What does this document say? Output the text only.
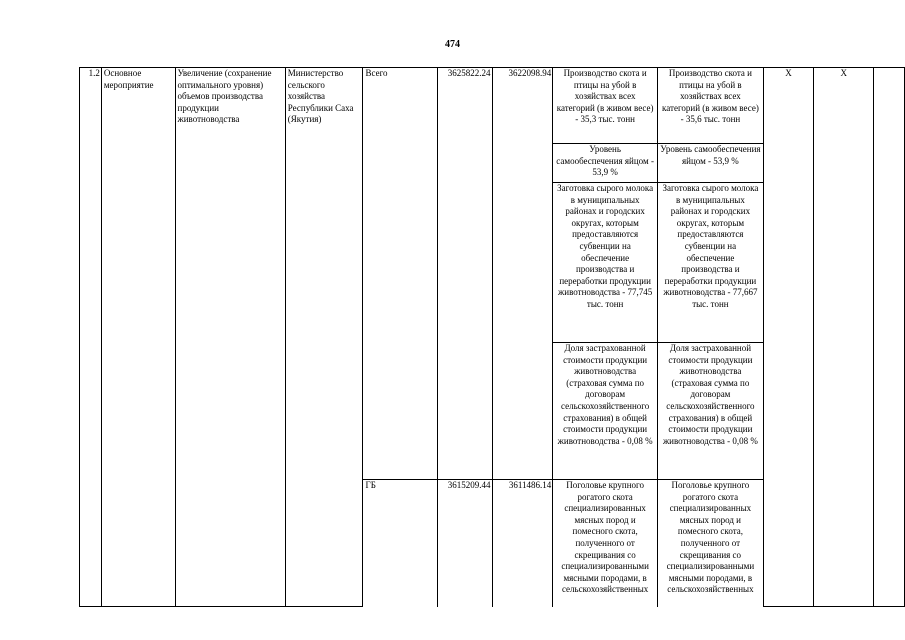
474
1.2	Основное мероприятие	Увеличение (сохранение оптимального уровня) объемов производства продукции животноводства	Министерство сельского хозяйства Республики Саха (Якутия)	Всего	3625822.24	3622098.94	Производство скота и птицы на убой в хозяйствах всех категорий (в живом весе) - 35,3 тыс. тонн	Производство скота и птицы на убой в хозяйствах всех категорий (в живом весе) - 35,6 тыс. тонн	X	X	
							Уровень самообеспечения яйцом - 53,9 %	Уровень самообеспечения яйцом - 53,9 %			
							Заготовка сырого молока в муниципальных районах и городских округах, которым предоставляются субвенции на обеспечение производства и переработки продукции животноводства - 77,745 тыс. тонн	Заготовка сырого молока в муниципальных районах и городских округах, которым предоставляются субвенции на обеспечение производства и переработки продукции животноводства - 77,667 тыс. тонн			
							Доля застрахованной стоимости продукции животноводства (страховая сумма по договорам сельскохозяйственного страхования) в общей стоимости продукции животноводства - 0,08 %	Доля застрахованной стоимости продукции животноводства (страховая сумма по договорам сельскохозяйственного страхования) в общей стоимости продукции животноводства - 0,08 %			
				ГБ	3615209.44	3611486.14	Поголовье крупного рогатого скота специализированных мясных пород и помесного скота, полученного от скрещивания со специализированными мясными породами, в сельскохозяйственных	Поголовье крупного рогатого скота специализированных мясных пород и помесного скота, полученного от скрещивания со специализированными мясными породами, в сельскохозяйственных			
